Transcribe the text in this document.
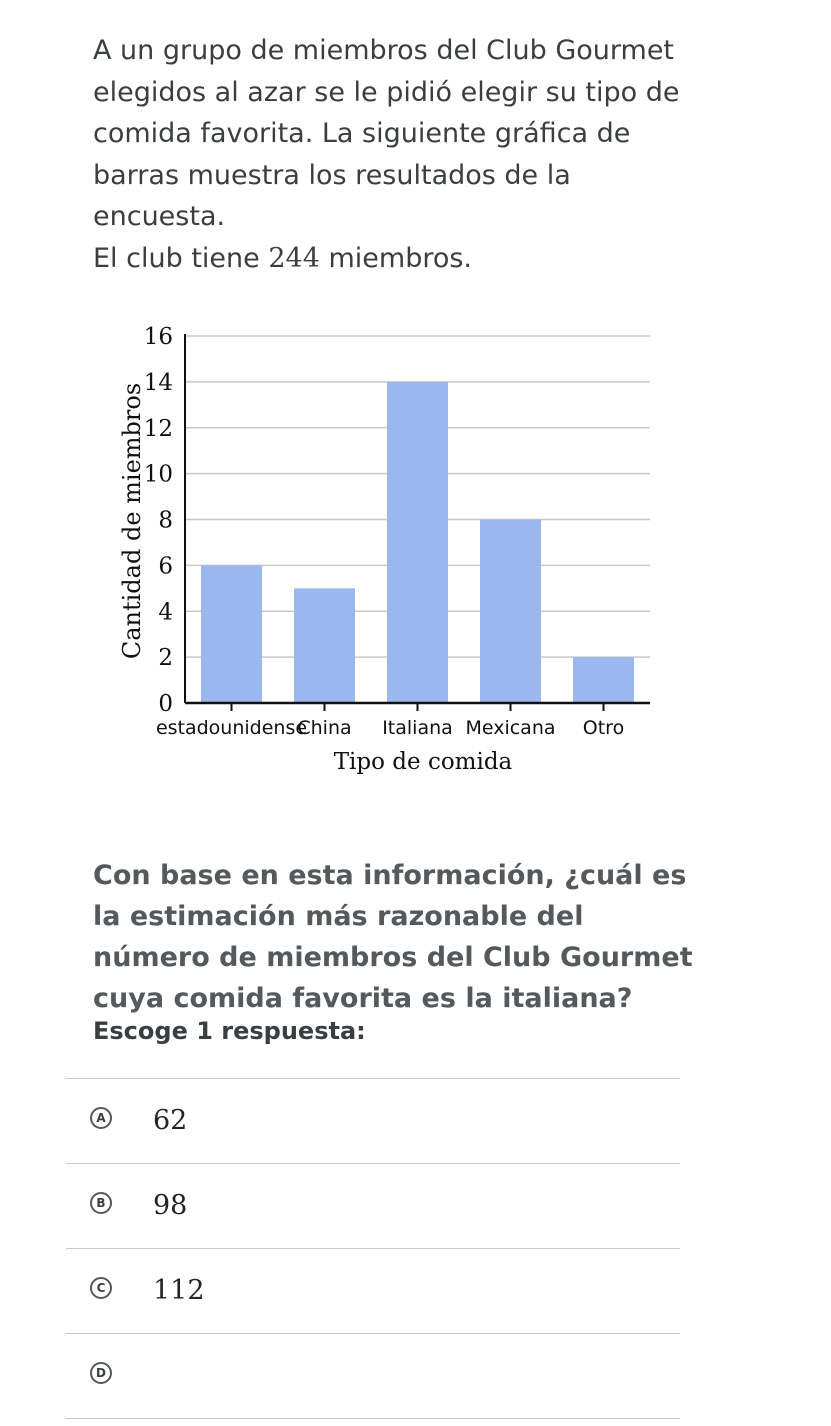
A un grupo de miembros del Club Gourmet
elegidos al azar se le pidió elegir su tipo de
comida favorita. La siguiente gráfica de
barras muestra los resultados de la encuesta.
El club tiene 244 miembros.

0
2
4
6
8
10
12
14
16
estadounidense
China Italiana Mexicana Otro
Cantidad de miembros
Tipo de comida

Con base en esta información, ¿cuál es la estimación más razonable del número de miembros del Club Gourmet cuya comida favorita es la italiana?

Escoge 1 respuesta:

A 62
B 98
C 112
D
